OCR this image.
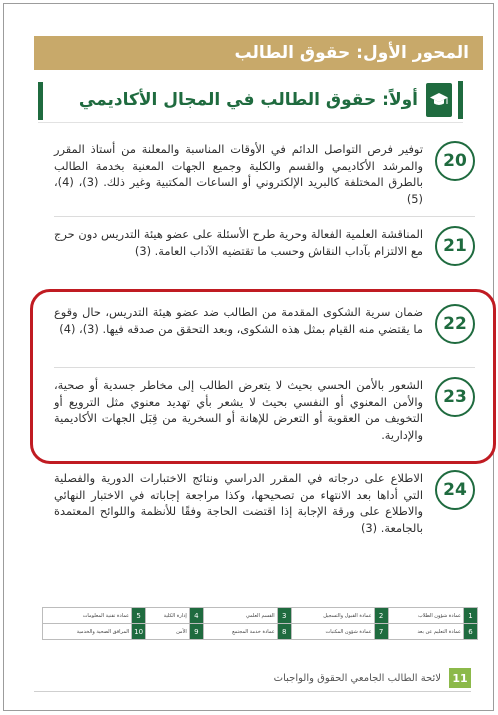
المحور الأول: حقوق الطالب
أولاً: حقوق الطالب في المجال الأكاديمي
20
توفير فرص التواصل الدائم في الأوقات المناسبة والمعلنة من أستاذ المقرر والمرشد الأكاديمي والقسم والكلية وجميع الجهات المعنية بخدمة الطالب بالطرق المختلفة كالبريد الإلكتروني أو الساعات المكتبية وغير ذلك. (3)، (4)، (5)
21
المناقشة العلمية الفعالة وحرية طرح الأسئلة على عضو هيئة التدريس دون حرج مع الالتزام بآداب النقاش وحسب ما تقتضيه الآداب العامة. (3)
22
ضمان سرية الشكوى المقدمة من الطالب ضد عضو هيئة التدريس، حال وقوع ما يقتضي منه القيام بمثل هذه الشكوى، وبعد التحقق من صدقه فيها. (3)، (4)
23
الشعور بالأمن الحسي بحيث لا يتعرض الطالب إلى مخاطر جسدية أو صحية، والأمن المعنوي أو النفسي بحيث لا يشعر بأي تهديد معنوي مثل الترويع أو التخويف من العقوبة أو التعرض للإهانة أو السخرية من قِبَل الجهات الأكاديمية والإدارية.
24
الاطلاع على درجاته في المقرر الدراسي ونتائج الاختبارات الدورية والفصلية التي أداها بعد الانتهاء من تصحيحها، وكذا مراجعة إجاباته في الاختبار النهائي والاطلاع على ورقة الإجابة إذا اقتضت الحاجة وفقًا للأنظمة واللوائح المعتمدة بالجامعة. (3)
1	عمادة شؤون الطلاب	2	عمادة القبول والتسجيل	3	القسم العلمي	4	إدارة الكلية	5	عمادة تقنية المعلومات
6	عمادة التعليم عن بعد	7	عمادة شؤون المكتبات	8	عمادة خدمة المجتمع	9	الأمن	10	المرافق الصحية والخدمية
11
لائحة الطالب الجامعي الحقوق والواجبات
